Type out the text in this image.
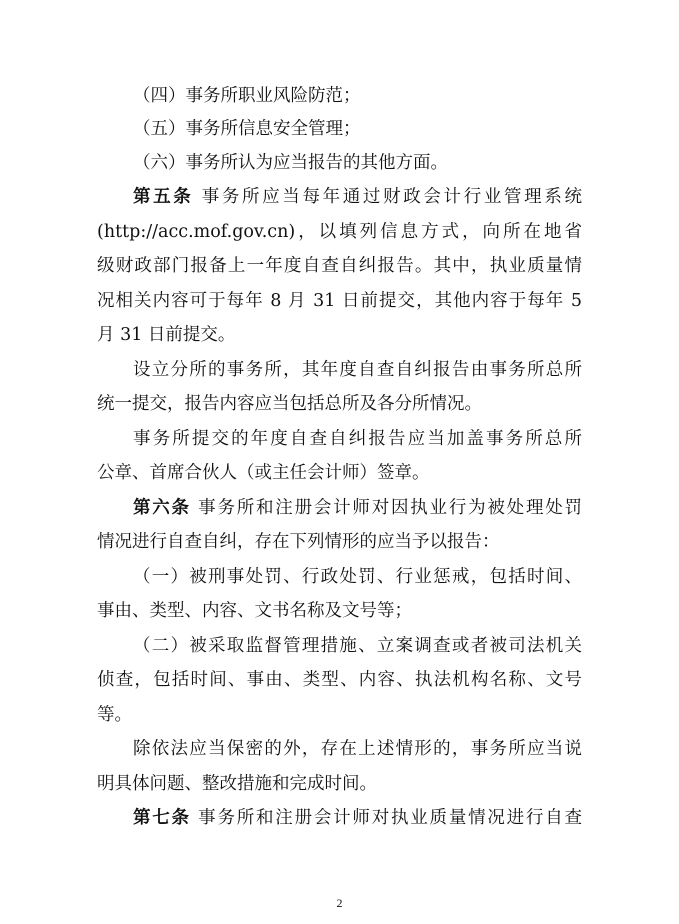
（四）事务所职业风险防范；
（五）事务所信息安全管理；
（六）事务所认为应当报告的其他方面。
第五条 事务所应当每年通过财政会计行业管理系统
(http://acc.mof.gov.cn)，以填列信息方式，向所在地省
级财政部门报备上一年度自查自纠报告。其中，执业质量情
况相关内容可于每年 8 月 31 日前提交，其他内容于每年 5
月 31 日前提交。
设立分所的事务所，其年度自查自纠报告由事务所总所
统一提交，报告内容应当包括总所及各分所情况。
事务所提交的年度自查自纠报告应当加盖事务所总所
公章、首席合伙人（或主任会计师）签章。
第六条 事务所和注册会计师对因执业行为被处理处罚
情况进行自查自纠，存在下列情形的应当予以报告：
（一）被刑事处罚、行政处罚、行业惩戒，包括时间、
事由、类型、内容、文书名称及文号等；
（二）被采取监督管理措施、立案调查或者被司法机关
侦查，包括时间、事由、类型、内容、执法机构名称、文号
等。
除依法应当保密的外，存在上述情形的，事务所应当说
明具体问题、整改措施和完成时间。
第七条 事务所和注册会计师对执业质量情况进行自查
2
